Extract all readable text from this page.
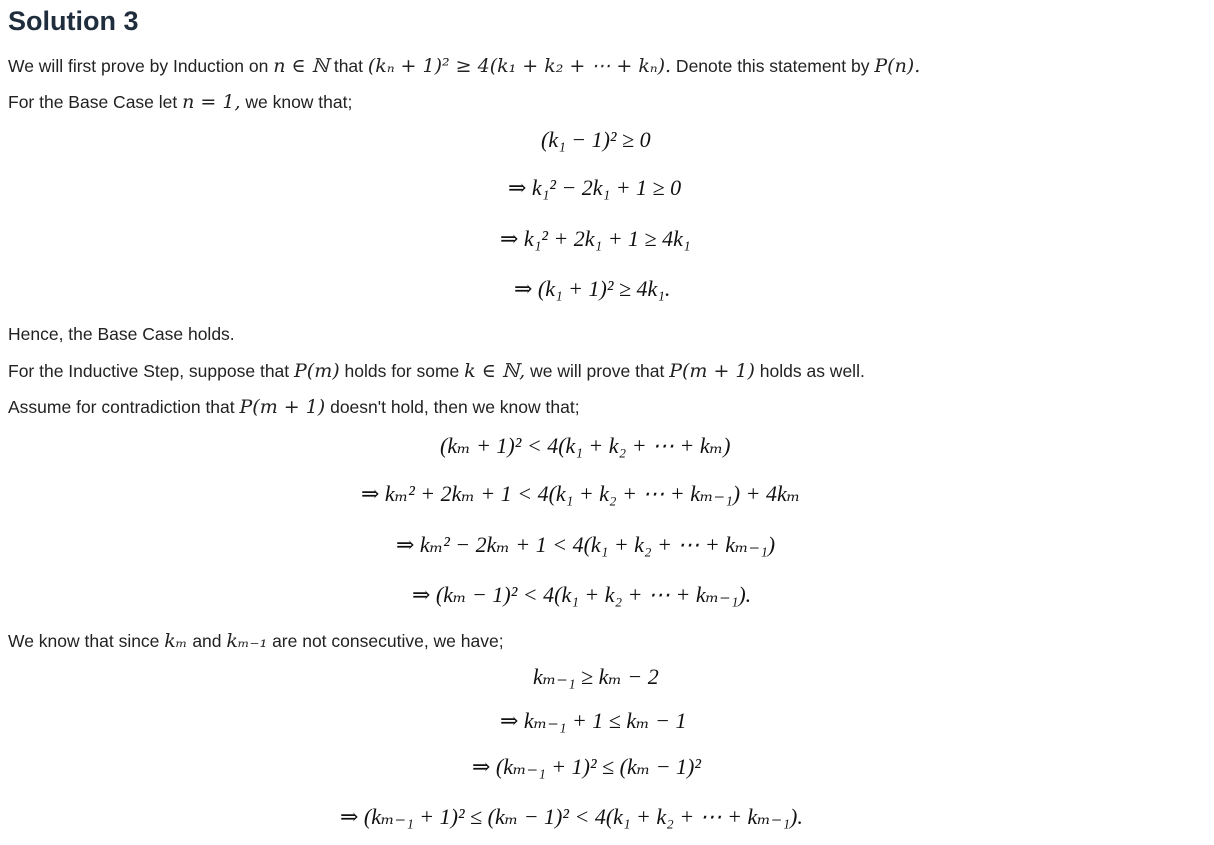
Solution 3
We will first prove by Induction on n ∈ ℕ that (kₙ + 1)² ≥ 4(k₁ + k₂ + ⋯ + kₙ). Denote this statement by P(n).
For the Base Case let n = 1, we know that;
(k₁ − 1)² ≥ 0
⇒ k₁² − 2k₁ + 1 ≥ 0
⇒ k₁² + 2k₁ + 1 ≥ 4k₁
⇒ (k₁ + 1)² ≥ 4k₁.
Hence, the Base Case holds.
For the Inductive Step, suppose that P(m) holds for some k ∈ ℕ, we will prove that P(m + 1) holds as well.
Assume for contradiction that P(m + 1) doesn't hold, then we know that;
(kₘ + 1)² < 4(k₁ + k₂ + ⋯ + kₘ)
⇒ kₘ² + 2kₘ + 1 < 4(k₁ + k₂ + ⋯ + kₘ₋₁) + 4kₘ
⇒ kₘ² − 2kₘ + 1 < 4(k₁ + k₂ + ⋯ + kₘ₋₁)
⇒ (kₘ − 1)² < 4(k₁ + k₂ + ⋯ + kₘ₋₁).
We know that since kₘ and kₘ₋₁ are not consecutive, we have;
kₘ₋₁ ≥ kₘ − 2
⇒ kₘ₋₁ + 1 ≤ kₘ − 1
⇒ (kₘ₋₁ + 1)² ≤ (kₘ − 1)²
⇒ (kₘ₋₁ + 1)² ≤ (kₘ − 1)² < 4(k₁ + k₂ + ⋯ + kₘ₋₁).
